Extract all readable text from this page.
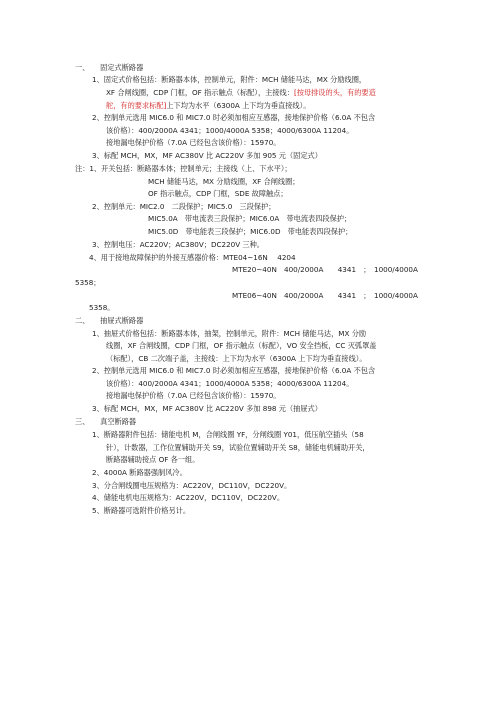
一、　　固定式断路器
1、固定式价格包括：断路器本体，控制单元，附件：MCH 储能马达，MX 分励线圈，
XF 合闸线圈，CDP 门框，OF 指示触点（标配），主接线：[按母排设的头，有的要造
舵，有的要求标配]上下均为水平（6300A 上下均为垂直接线）。
2、控制单元选用 MIC6.0 和 MIC7.0 时必须加相应互感器，接地保护价格（6.0A 不包含
该价格）：400/2000A 4341；1000/4000A 5358；4000/6300A 11204。
接地漏电保护价格（7.0A 已经包含该价格）：15970。
3、标配 MCH，MX，MF AC380V 比 AC220V 多加 905 元（固定式）
注：1、开关包括：断路器本体；控制单元；主接线（上、下水平）；
MCH 储能马达，MX 分励线圈，XF 合闸线圈；
OF 指示触点，CDP 门框，SDE 故障触点；
2、控制单元：MIC2.0　二段保护；MIC5.0　三段保护；
MIC5.0A　带电流表三段保护；MIC6.0A　带电流表四段保护；
MIC5.0D　带电能表三段保护；MIC6.0D　带电能表四段保护；
3、控制电压：AC220V；AC380V；DC220V 三种。
4、用于接地故障保护的外接互感器价格：MTE04~16N　 4204
MTE20~40N　400/2000A　　4341　；　1000/4000A
5358；
MTE06~40N　400/2000A　　4341　；　1000/4000A
5358。
二、　　抽屉式断路器
1、抽屉式价格包括：断路器本体，抽架，控制单元，附件：MCH 储能马达，MX 分励
线圈，XF 合闸线圈，CDP 门框，OF 指示触点（标配），VO 安全挡板，CC 灭弧罩盖
（标配），CB 二次端子盖，主接线：上下均为水平（6300A 上下均为垂直接线）。
2、控制单元选用 MIC6.0 和 MIC7.0 时必须加相应互感器，接地保护价格（6.0A 不包含
该价格）：400/2000A 4341；1000/4000A 5358；4000/6300A 11204。
接地漏电保护价格（7.0A 已经包含该价格）：15970。
3、标配 MCH，MX，MF AC380V 比 AC220V 多加 898 元（抽屉式）
三、　　真空断路器
1、断路器附件包括：储能电机 M，合闸线圈 YF，分闸线圈 Y01，低压航空插头（58
针），计数器，工作位置辅助开关 S9，试验位置辅助开关 S8，储能电机辅助开关，
断路器辅助接点 OF 各一组。
2、4000A 断路器强制风冷。
3、分合闸线圈电压规格为：AC220V，DC110V，DC220V。
4、储能电机电压规格为：AC220V，DC110V，DC220V。
5、断路器可选附件价格另计。
